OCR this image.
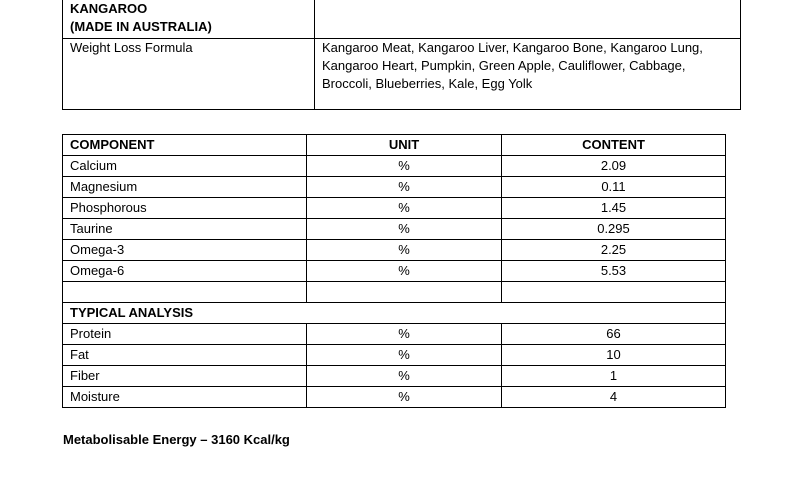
KANGAROO
(MADE IN AUSTRALIA)	

Weight Loss Formula	Kangaroo Meat, Kangaroo Liver, Kangaroo Bone, Kangaroo Lung,
Kangaroo Heart, Pumpkin, Green Apple, Cauliflower, Cabbage,
Broccoli, Blueberries, Kale, Egg Yolk
COMPONENT	UNIT	CONTENT
Calcium	%	2.09
Magnesium	%	0.11
Phosphorous	%	1.45
Taurine	%	0.295
Omega-3	%	2.25
Omega-6	%	5.53

TYPICAL ANALYSIS		
Protein	%	66
Fat	%	10
Fiber	%	1
Moisture	%	4
Metabolisable Energy – 3160 Kcal/kg
